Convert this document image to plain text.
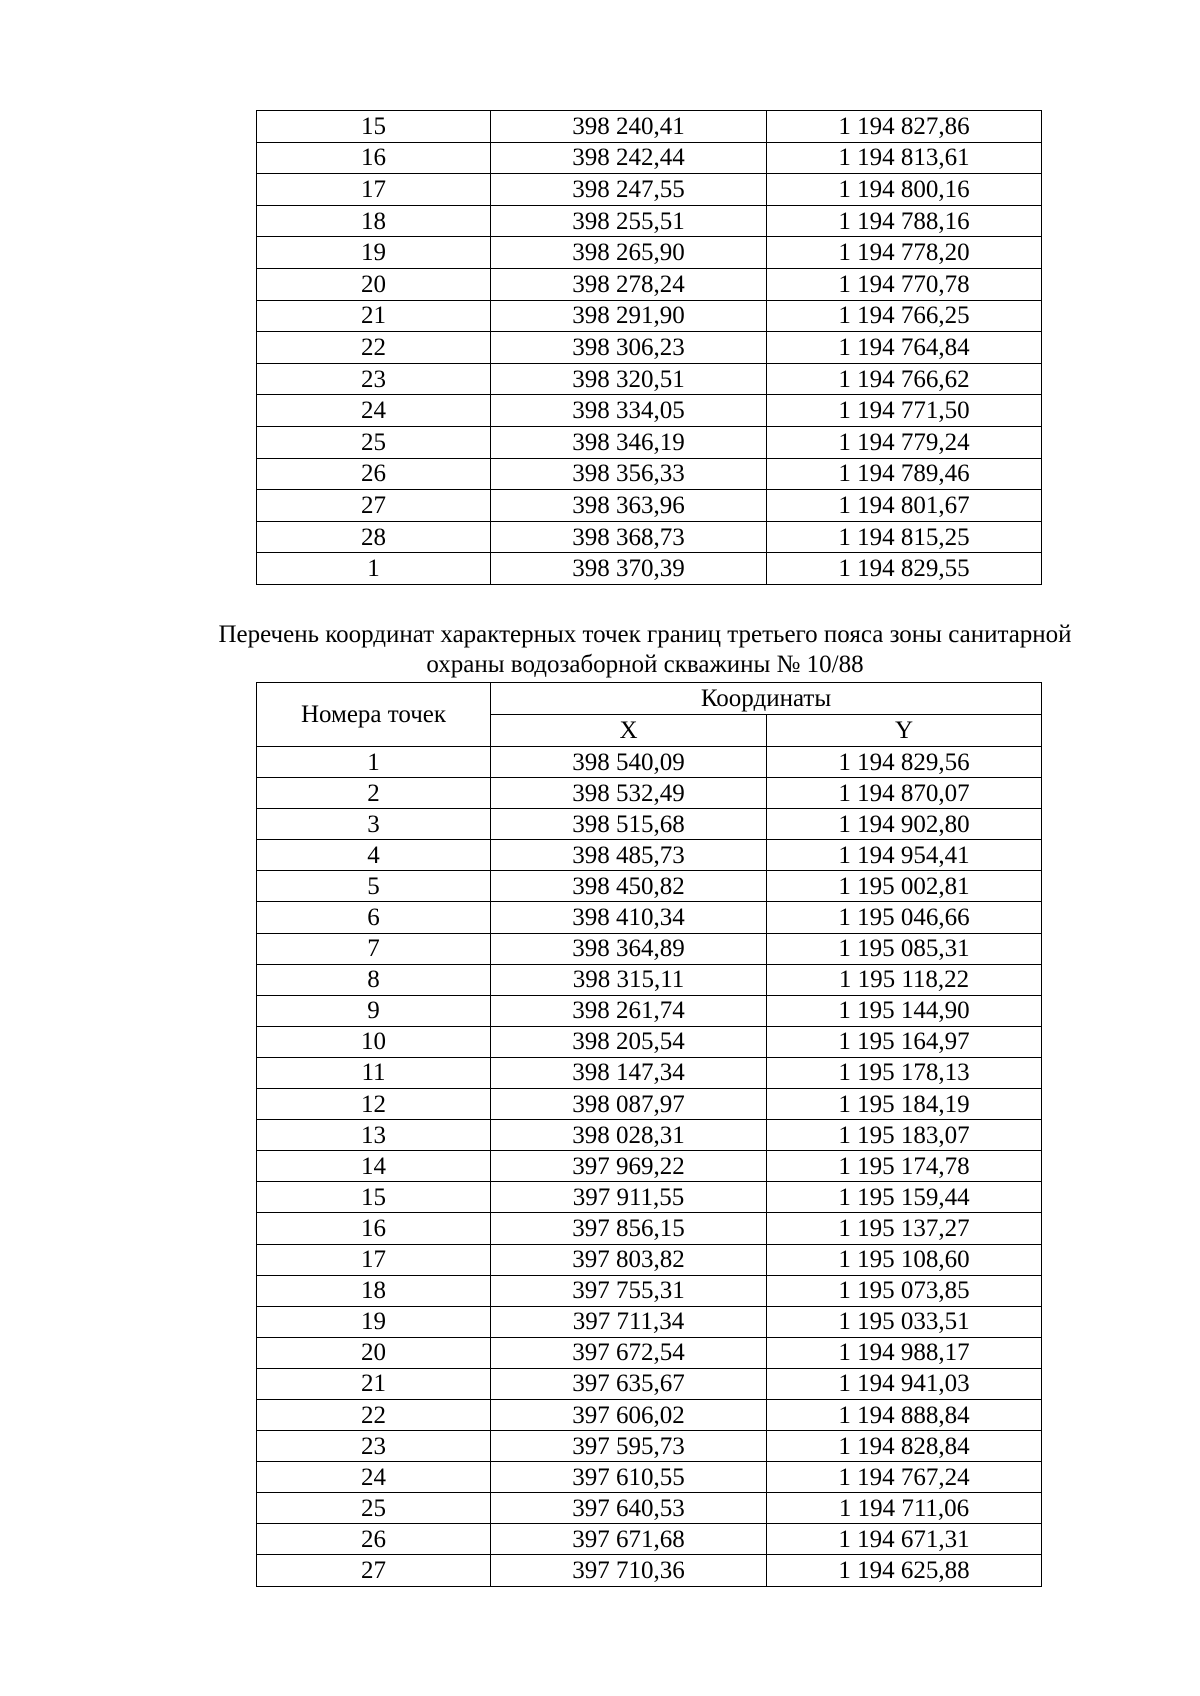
15	398 240,41	1 194 827,86
16	398 242,44	1 194 813,61
17	398 247,55	1 194 800,16
18	398 255,51	1 194 788,16
19	398 265,90	1 194 778,20
20	398 278,24	1 194 770,78
21	398 291,90	1 194 766,25
22	398 306,23	1 194 764,84
23	398 320,51	1 194 766,62
24	398 334,05	1 194 771,50
25	398 346,19	1 194 779,24
26	398 356,33	1 194 789,46
27	398 363,96	1 194 801,67
28	398 368,73	1 194 815,25
1	398 370,39	1 194 829,55
Перечень координат характерных точек границ третьего пояса зоны санитарной
охраны водозаборной скважины № 10/88
Номера точек	Координаты	
	X	Y
1	398 540,09	1 194 829,56
2	398 532,49	1 194 870,07
3	398 515,68	1 194 902,80
4	398 485,73	1 194 954,41
5	398 450,82	1 195 002,81
6	398 410,34	1 195 046,66
7	398 364,89	1 195 085,31
8	398 315,11	1 195 118,22
9	398 261,74	1 195 144,90
10	398 205,54	1 195 164,97
11	398 147,34	1 195 178,13
12	398 087,97	1 195 184,19
13	398 028,31	1 195 183,07
14	397 969,22	1 195 174,78
15	397 911,55	1 195 159,44
16	397 856,15	1 195 137,27
17	397 803,82	1 195 108,60
18	397 755,31	1 195 073,85
19	397 711,34	1 195 033,51
20	397 672,54	1 194 988,17
21	397 635,67	1 194 941,03
22	397 606,02	1 194 888,84
23	397 595,73	1 194 828,84
24	397 610,55	1 194 767,24
25	397 640,53	1 194 711,06
26	397 671,68	1 194 671,31
27	397 710,36	1 194 625,88
